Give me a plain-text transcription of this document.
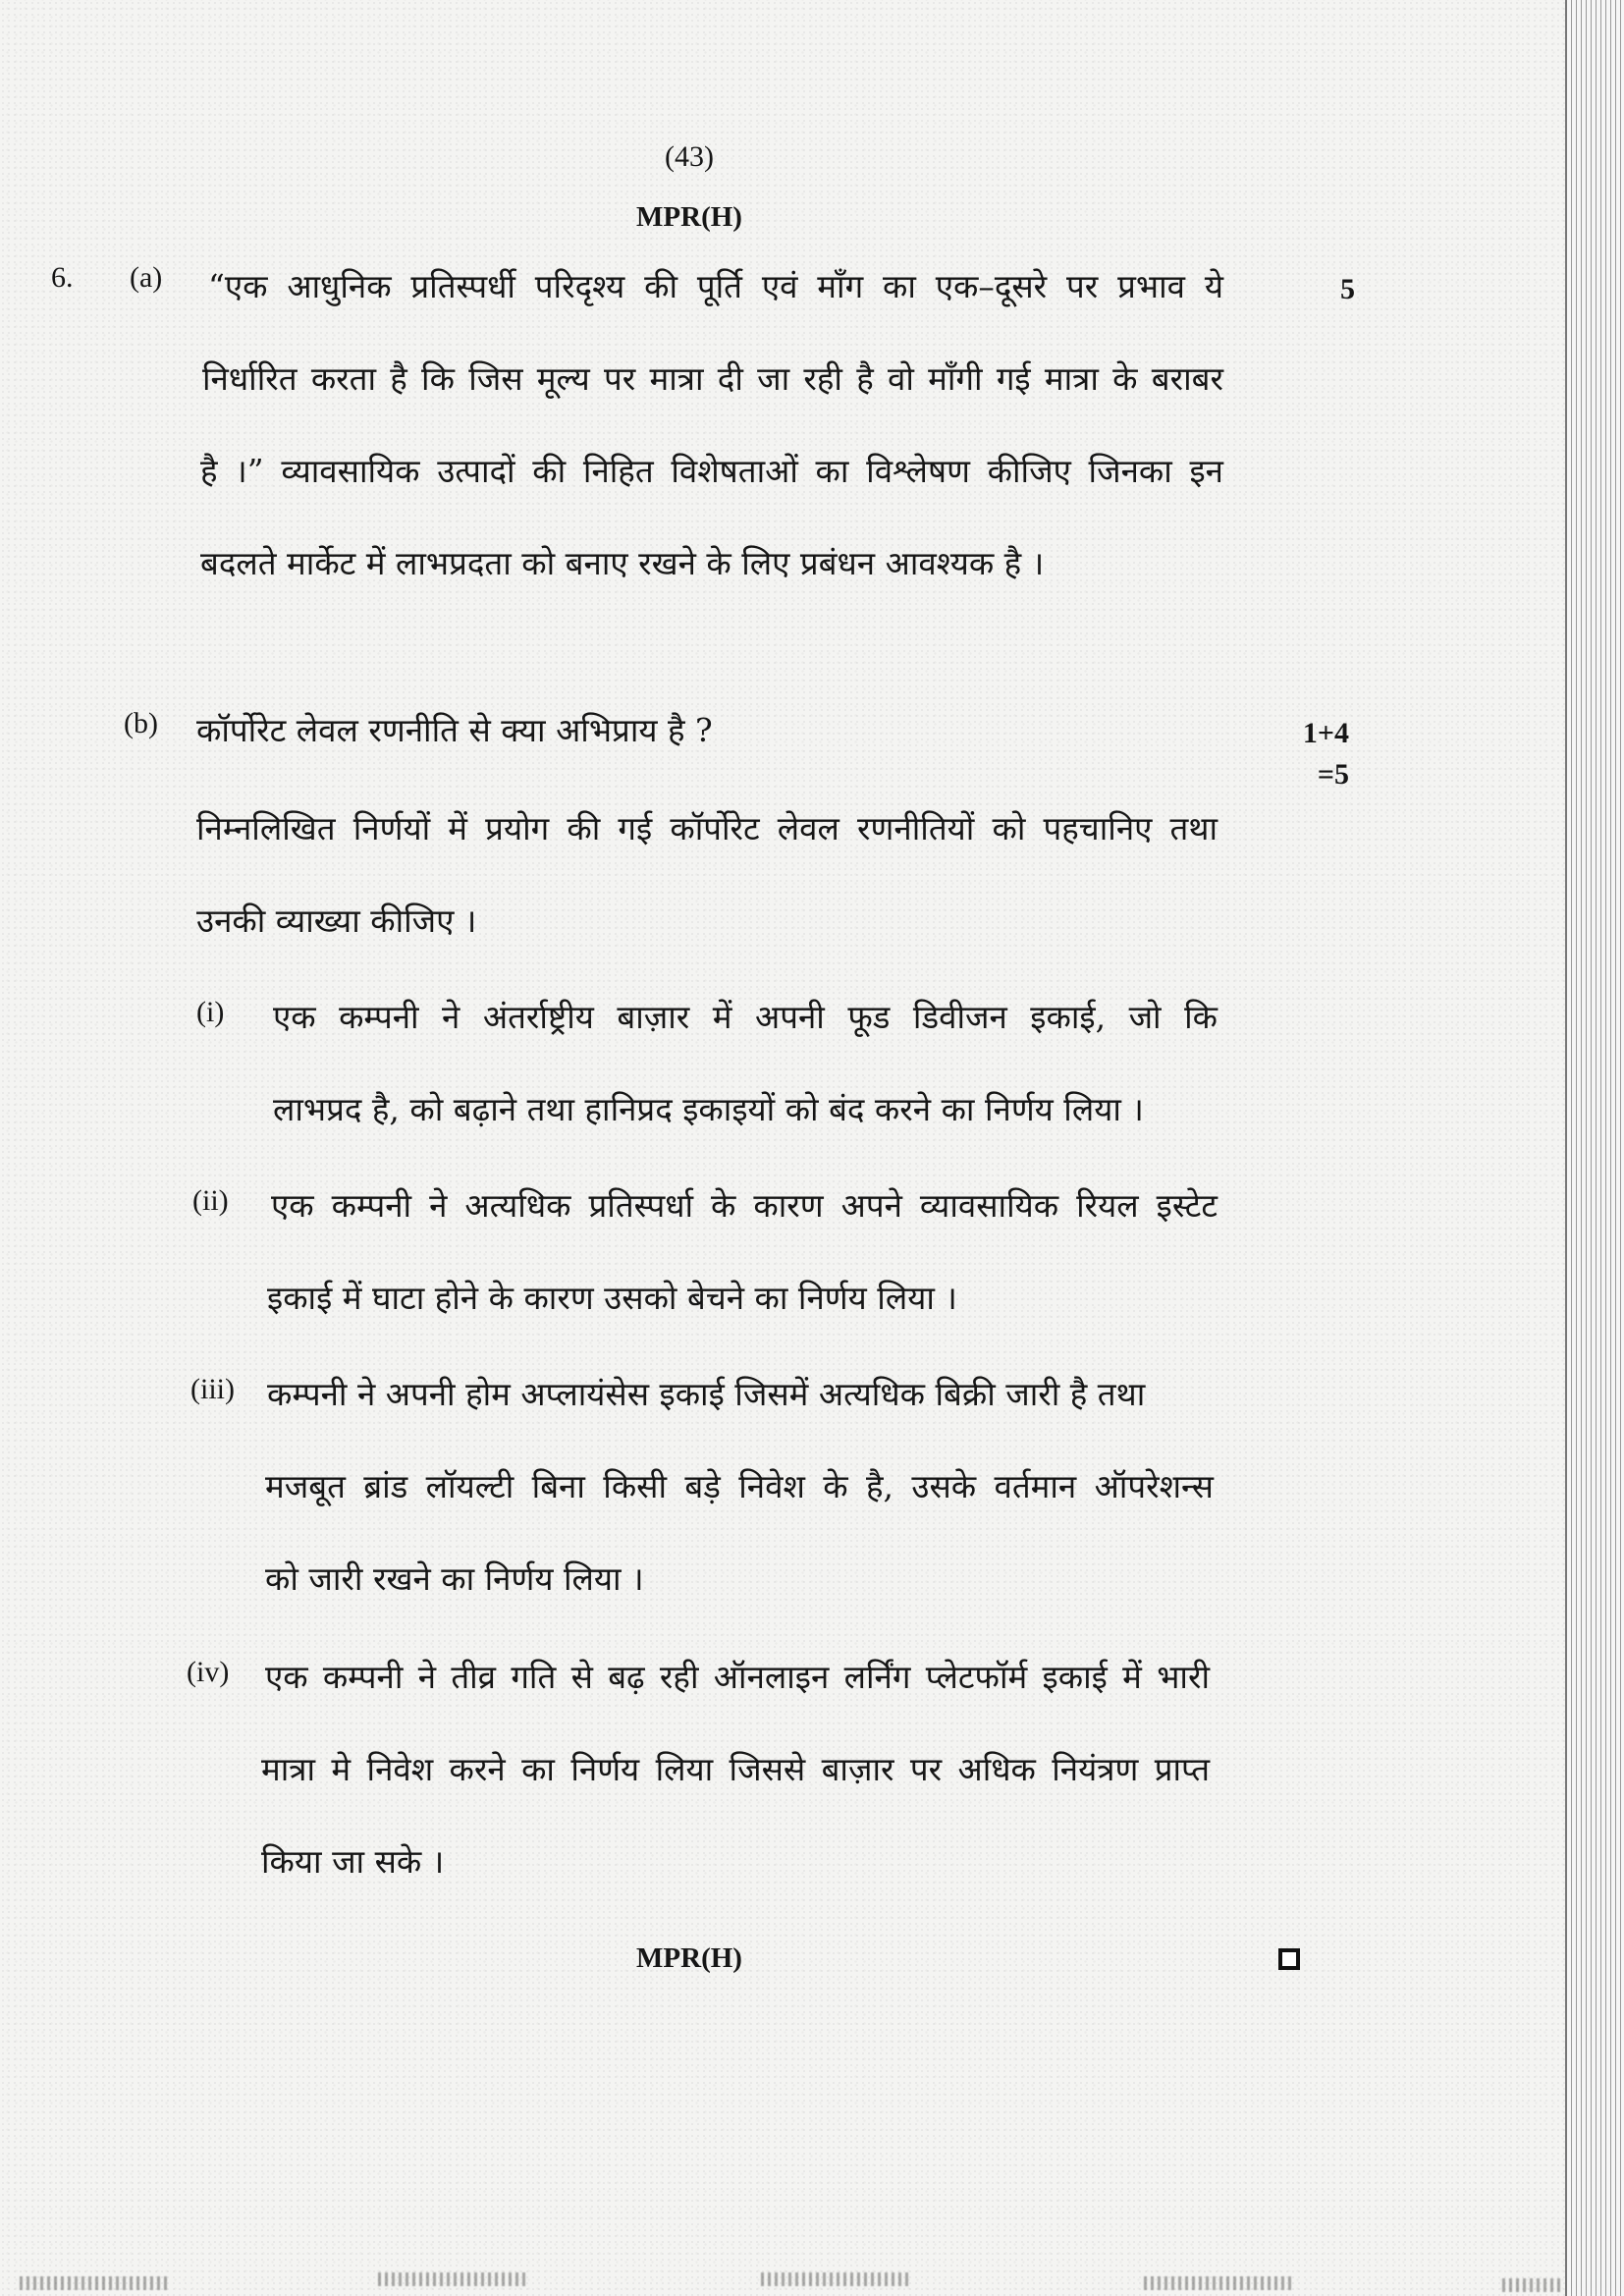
(43)
MPR(H)
6. (a)	5
“एक आधुनिक प्रतिस्पर्धी परिदृश्य की पूर्ति एवं माँग का एक–दूसरे पर प्रभाव ये
निर्धारित करता है कि जिस मूल्य पर मात्रा दी जा रही है वो माँगी गई मात्रा के बराबर
है ।” व्यावसायिक उत्पादों की निहित विशेषताओं का विश्लेषण कीजिए जिनका इन
बदलते मार्केट में लाभप्रदता को बनाए रखने के लिए प्रबंधन आवश्यक है ।
(b)	1+4
=5
कॉर्पोरेट लेवल रणनीति से क्या अभिप्राय है ?
निम्नलिखित निर्णयों में प्रयोग की गई कॉर्पोरेट लेवल रणनीतियों को पहचानिए तथा
उनकी व्याख्या कीजिए ।
(i) एक कम्पनी ने अंतर्राष्ट्रीय बाज़ार में अपनी फूड डिवीजन इकाई, जो कि
लाभप्रद है, को बढ़ाने तथा हानिप्रद इकाइयों को बंद करने का निर्णय लिया ।
(ii) एक कम्पनी ने अत्यधिक प्रतिस्पर्धा के कारण अपने व्यावसायिक रियल इस्टेट
इकाई में घाटा होने के कारण उसको बेचने का निर्णय लिया ।
(iii) कम्पनी ने अपनी होम अप्लायंसेस इकाई जिसमें अत्यधिक बिक्री जारी है तथा
मजबूत ब्रांड लॉयल्टी बिना किसी बड़े निवेश के है, उसके वर्तमान ऑपरेशन्स
को जारी रखने का निर्णय लिया ।
(iv) एक कम्पनी ने तीव्र गति से बढ़ रही ऑनलाइन लर्निंग प्लेटफॉर्म इकाई में भारी
मात्रा मे निवेश करने का निर्णय लिया जिससे बाज़ार पर अधिक नियंत्रण प्राप्त
किया जा सके ।
MPR(H)
